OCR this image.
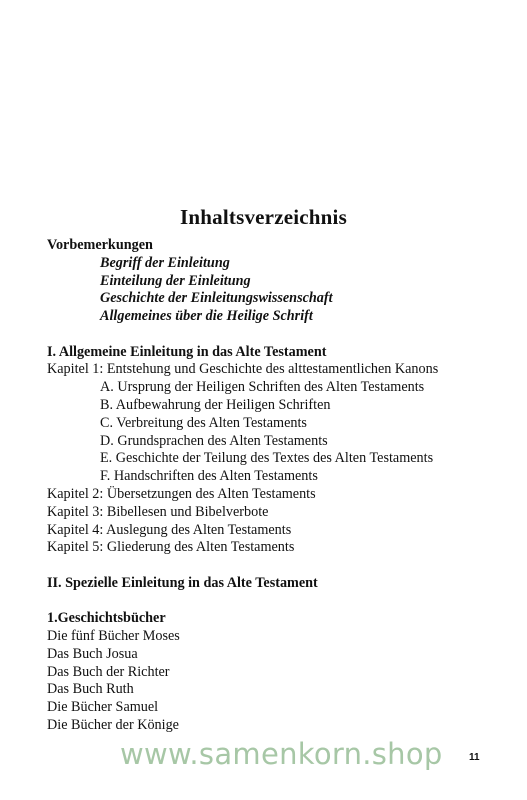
Inhaltsverzeichnis
Vorbemerkungen
Begriff der Einleitung
Einteilung der Einleitung
Geschichte der Einleitungswissenschaft
Allgemeines über die Heilige Schrift
I. Allgemeine Einleitung in das Alte Testament
Kapitel 1: Entstehung und Geschichte des alttestamentlichen Kanons
A. Ursprung der Heiligen Schriften des Alten Testaments
B. Aufbewahrung der Heiligen Schriften
C. Verbreitung des Alten Testaments
D. Grundsprachen des Alten Testaments
E. Geschichte der Teilung des Textes des Alten Testaments
F. Handschriften des Alten Testaments
Kapitel 2: Übersetzungen des Alten Testaments
Kapitel 3: Bibellesen und Bibelverbote
Kapitel 4: Auslegung des Alten Testaments
Kapitel 5: Gliederung des Alten Testaments
II. Spezielle Einleitung in das Alte Testament
1.Geschichtsbücher
Die fünf Bücher Moses
Das Buch Josua
Das Buch der Richter
Das Buch Ruth
Die Bücher Samuel
Die Bücher der Könige
www.samenkorn.shop	11
